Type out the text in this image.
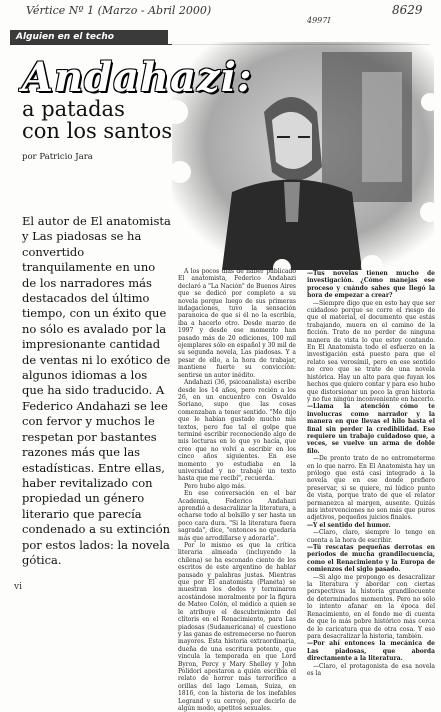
Vértice Nº 1 (Marzo - Abril 2000)
4997I
8629
Alguien en el techo
Andahazi:
a patadas
con los santos
por Patricio Jara

El autor de El anatomista y Las piadosas se ha convertido tranquilamente en uno de los narradores más destacados del último tiempo, con un éxito que no sólo es avalado por la impresionante cantidad de ventas ni lo exótico de algunos idiomas a los que ha sido traducido. A Federico Andahazi se lee con fervor y muchos le respetan por bastantes razones más que las estadísticas. Entre ellas, haber revitalizado con propiedad un género literario que parecía condenado a su extinción por estos lados: la novela gótica.

A los pocos días de haber publicado El anatomista, Federico Andahazi declaró a "La Nación" de Buenos Aires que se dedicó por completo a su novela porque luego de sus primeras indagaciones, tuvo la sensación paranoica de que si él no la escribía, iba a hacerlo otro. Desde marzo de 1997 y desde ese momento han pasado más de 20 ediciones, 100 mil ejemplares sólo en español y 30 mil de su segunda novela, Las piadosas. Y a pesar de ello, a la hora de trabajar, mantiene fuerte su convicción: sentirse un autor inédito.

Andahazi (36, psicoanalista) escribe desde los 14 años, pero recién a los 26, en un encuentro con Osvaldo Soriano, supo que las cosas comenzaban a tener sentido. "Me dijo que le habían gustado mucho mis textos, pero fue tal el golpe que terminé escribir reconociendo algo de mis lecturas en lo que yo hacía, que creo que no volví a escribir en los cinco años siguientes. En ese momento yo estudiaba en la universidad y no trabajé un texto hasta que me recibí", recuerda.

Pero hubo algo más.

En ese conversación en el bar Academia, Federico Andahazi aprendió a desacralizar la literatura, a echarse todo al bolsillo y ser hasta un poco cara dura. "Si la literatura fuera sagrada", dice, "entonces no quedaría más que arrodillarse y adorarla".

Por lo mismo es que la crítica literaria almeada (incluyendo la chilena) se ha esconado ciento de los escritos de este argentino de hablar pausado y palabras justas. Mientras que por El anatomista (Planeta) se muestran los dedos y terminaron acostándose moralmente por la figura de Mateo Colón, el médico a quien se le atribuye el descubrimiento del clítoris en el Renacimiento, para Las piadosas (Sudamericana) el cuestiono y las ganas de estremecerse no fueron mayores. Esta historia extraordinaria, dueña de una escritura potente, que vincula la temporada en que Lord Byron, Percy y Mary Shelley y John Polidori apostaron a quién escribía el relato de horror más terrorífico a orillas del lago Leman, Suiza, en 1816, con la historia de los inefables Legrand y su cerrojo, por decirlo de algún modo, apetitos sexuales.

—Tus novelas tienen mucho de investigación. ¿Cómo manejas ese proceso y cuándo sabes que llegó la hora de empezar a crear?

—Siempre digo que en esto hay que ser cuidadoso porque se corre el riesgo de que el material, el documento que estás trabajando, muera en el camino de la ficción. Trato de no perder de ninguna manera de vista lo que estoy contando. En El Anatomista todo el esfuerzo en la investigación está puesto para que el relato sea verosímil, pero en ese sentido no creo que se trate de una novela histórica. Hay un alto para que fuyan los hechos que quiero contar y para eso hubo que distorsionar un poco la gran historia y no fue ningún inconveniente en hacerlo.

—Llama la atención cómo te involucras como narrador y la manera en que llevas el hilo hasta el final sin perder la credibilidad. Eso requiere un trabajo cuidadoso que, a veces, se vuelve un arma de doble filo.

—De pronto trato de no entrometerme en lo que narro. En El Anatomista hay un prólogo que está casi integrado a la novela que en ese donde prefiero preservar, si se quiere, mi lúdico punto de vista, porque trato de que el relator permanezca al margen, ausente. Quizás mis intervenciones no son más que puros adjetivos, pequeños juicios finales.

—Y el sentido del humor.

—Claro, claro, siempre lo tengo en cuenta a la hora de escribir.

—Tú rescatas pequeñas derrotas en periodos de mucha grandilocuencia, como el Renacimiento y la Europa de comienzos del siglo pasado.

—Si algo me propongo es desacralizar la literatura y abordar con ciertas perspectivas la historia grandilocuente de determinados momentos. Pero no sólo lo intento afanar en la época del Renacimiento, en el fondo me di cuenta de que lo más pobre histórico más cerca de lo caricatura que de otra cosa. Y eso para desacralizar la historia, también.

—Por ahí entonces la mecánica de Las piadosas, que aborda directamente a la literatura.

—Claro, el protagonista de esa novela es la

vi
